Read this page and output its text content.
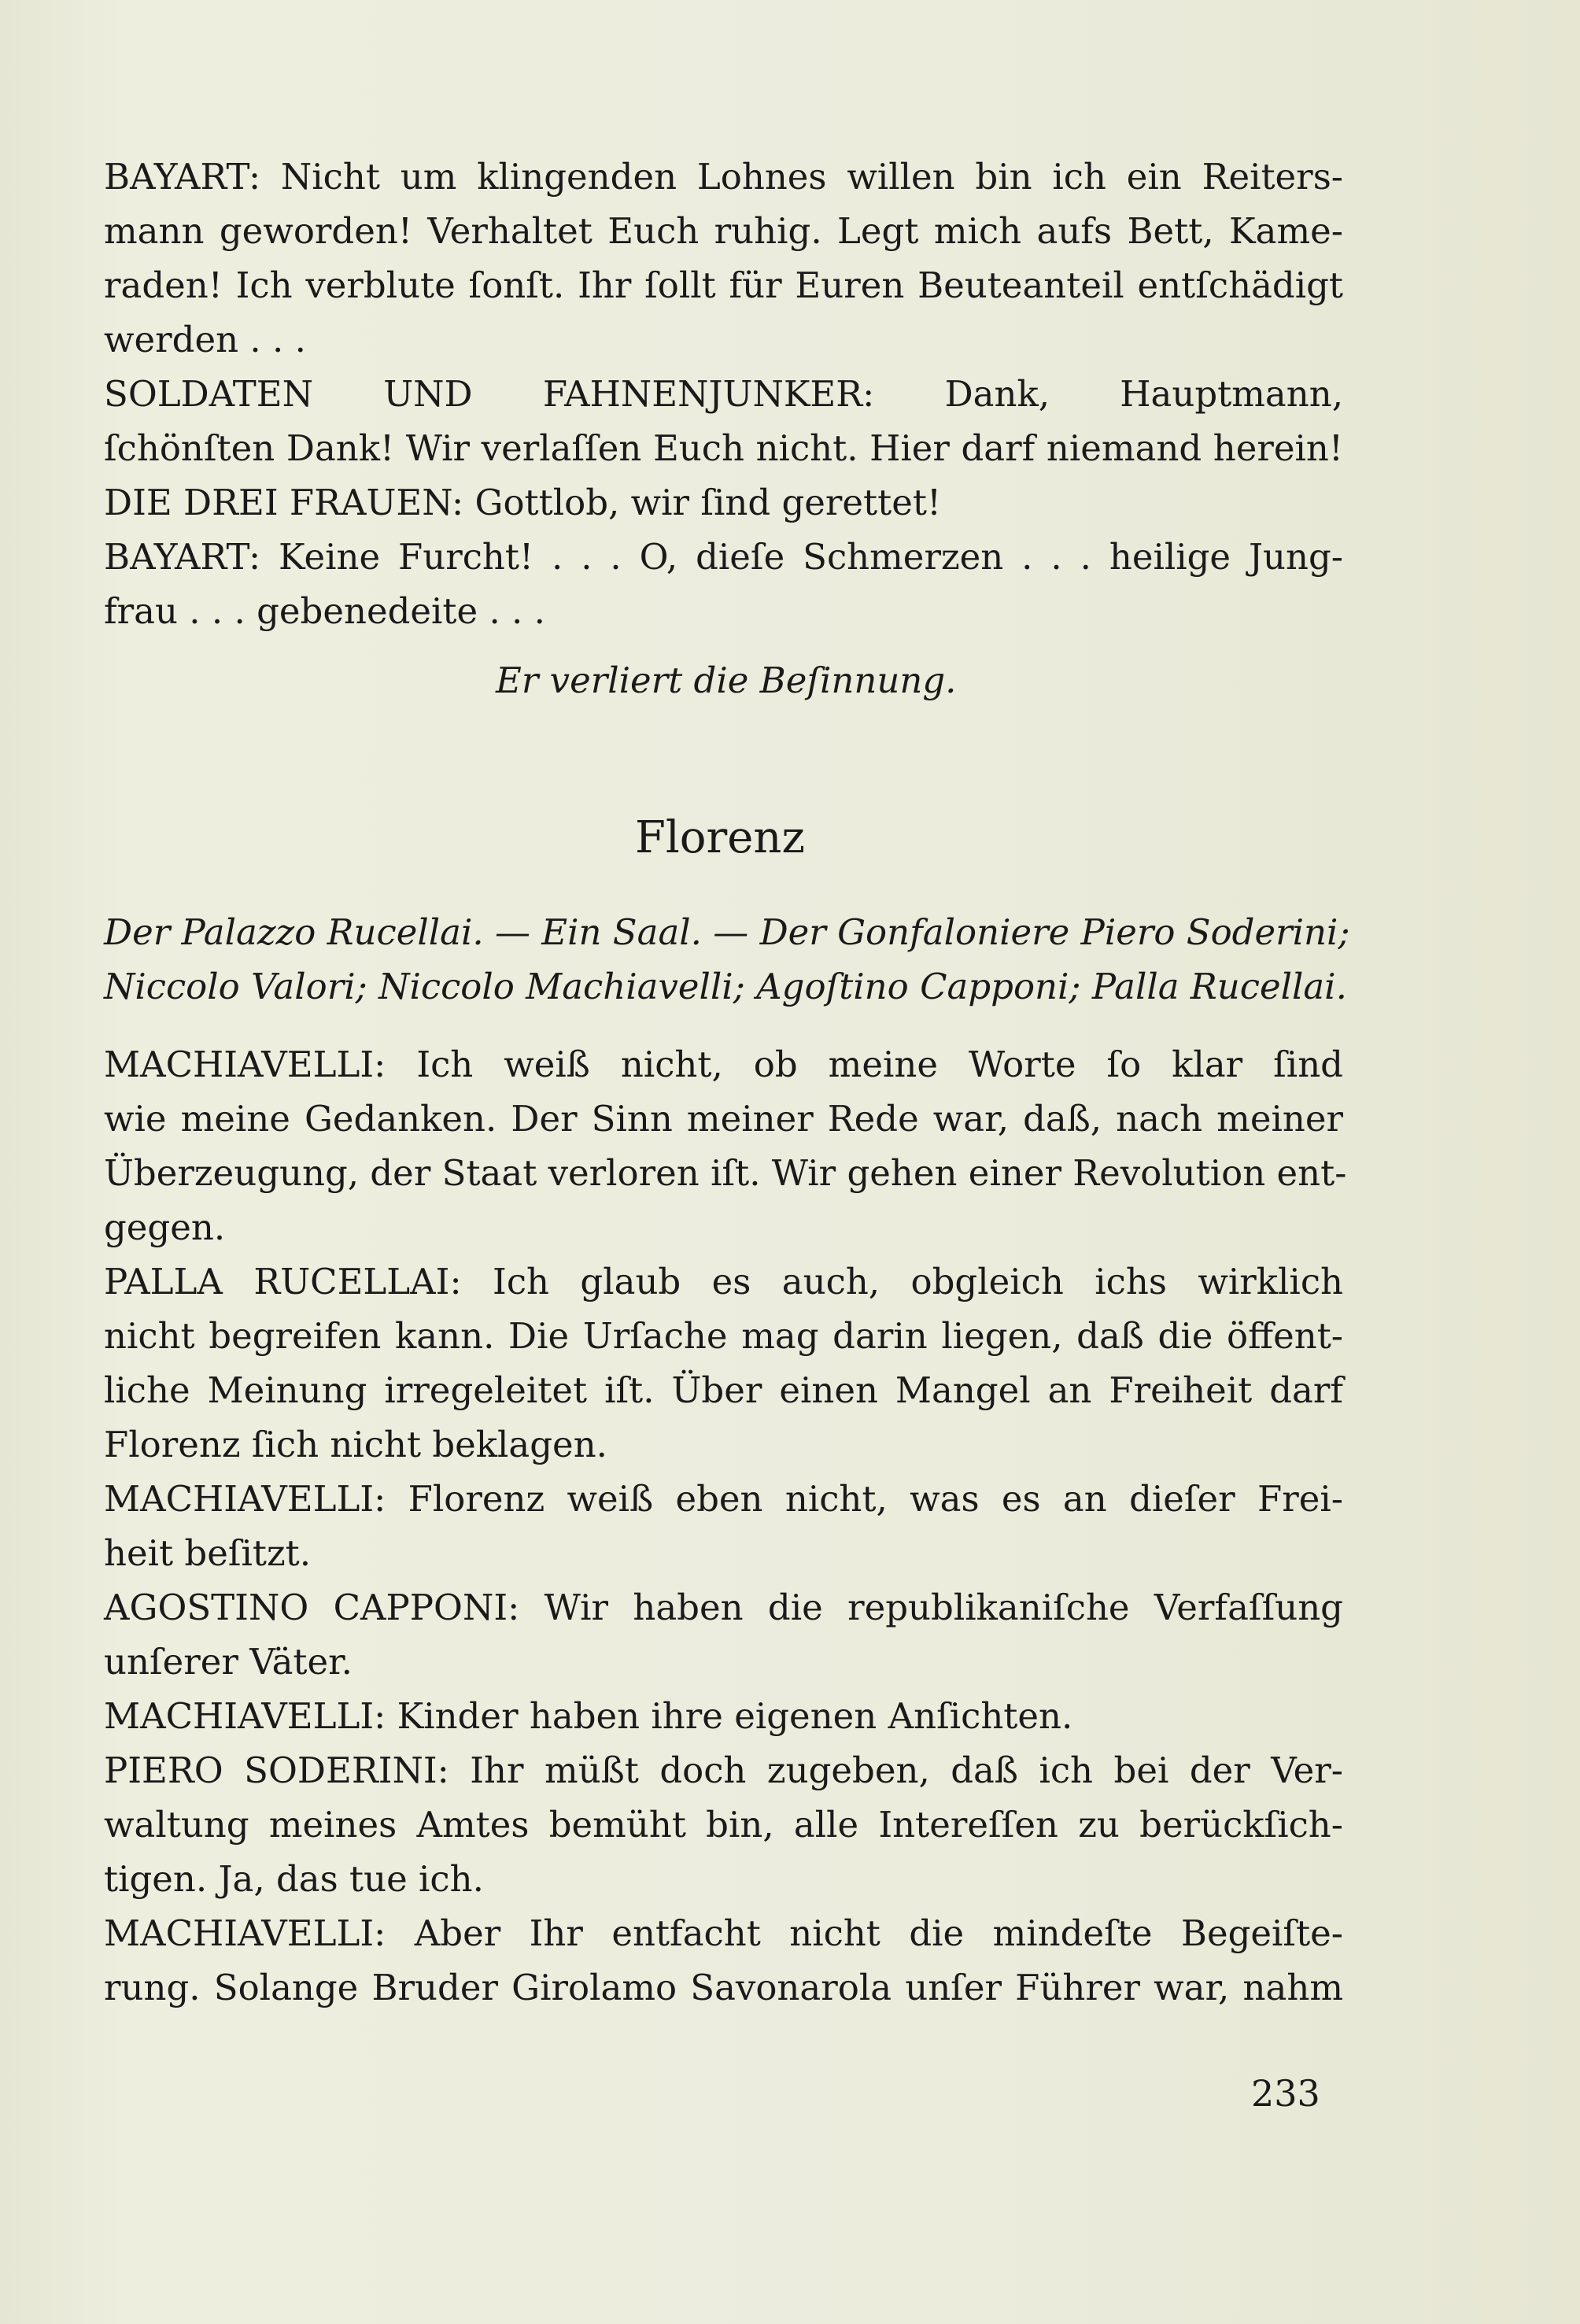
BAYART: Nicht um klingenden Lohnes willen bin ich ein Reiters-
mann geworden! Verhaltet Euch ruhig. Legt mich aufs Bett, Kame-
raden! Ich verblute ſonſt. Ihr ſollt für Euren Beuteanteil entſchädigt
werden . . .
SOLDATEN UND FAHNENJUNKER: Dank, Hauptmann,
ſchönſten Dank! Wir verlaſſen Euch nicht. Hier darf niemand herein!
DIE DREI FRAUEN: Gottlob, wir ſind gerettet!
BAYART: Keine Furcht! . . . O, dieſe Schmerzen . . . heilige Jung-
frau . . . gebenedeite . . .
Er verliert die Beſinnung.
Florenz
Der Palazzo Rucellai. — Ein Saal. — Der Gonfaloniere Piero Soderini;
Niccolo Valori; Niccolo Machiavelli; Agoſtino Capponi; Palla Rucellai.
MACHIAVELLI: Ich weiß nicht, ob meine Worte ſo klar ſind
wie meine Gedanken. Der Sinn meiner Rede war, daß, nach meiner
Überzeugung, der Staat verloren iſt. Wir gehen einer Revolution ent-
gegen.
PALLA RUCELLAI: Ich glaub es auch, obgleich ichs wirklich
nicht begreifen kann. Die Urſache mag darin liegen, daß die öffent-
liche Meinung irregeleitet iſt. Über einen Mangel an Freiheit darf
Florenz ſich nicht beklagen.
MACHIAVELLI: Florenz weiß eben nicht, was es an dieſer Frei-
heit beſitzt.
AGOSTINO CAPPONI: Wir haben die republikaniſche Verfaſſung
unſerer Väter.
MACHIAVELLI: Kinder haben ihre eigenen Anſichten.
PIERO SODERINI: Ihr müßt doch zugeben, daß ich bei der Ver-
waltung meines Amtes bemüht bin, alle Intereſſen zu berückſich-
tigen. Ja, das tue ich.
MACHIAVELLI: Aber Ihr entfacht nicht die mindeſte Begeiſte-
rung. Solange Bruder Girolamo Savonarola unſer Führer war, nahm
233
